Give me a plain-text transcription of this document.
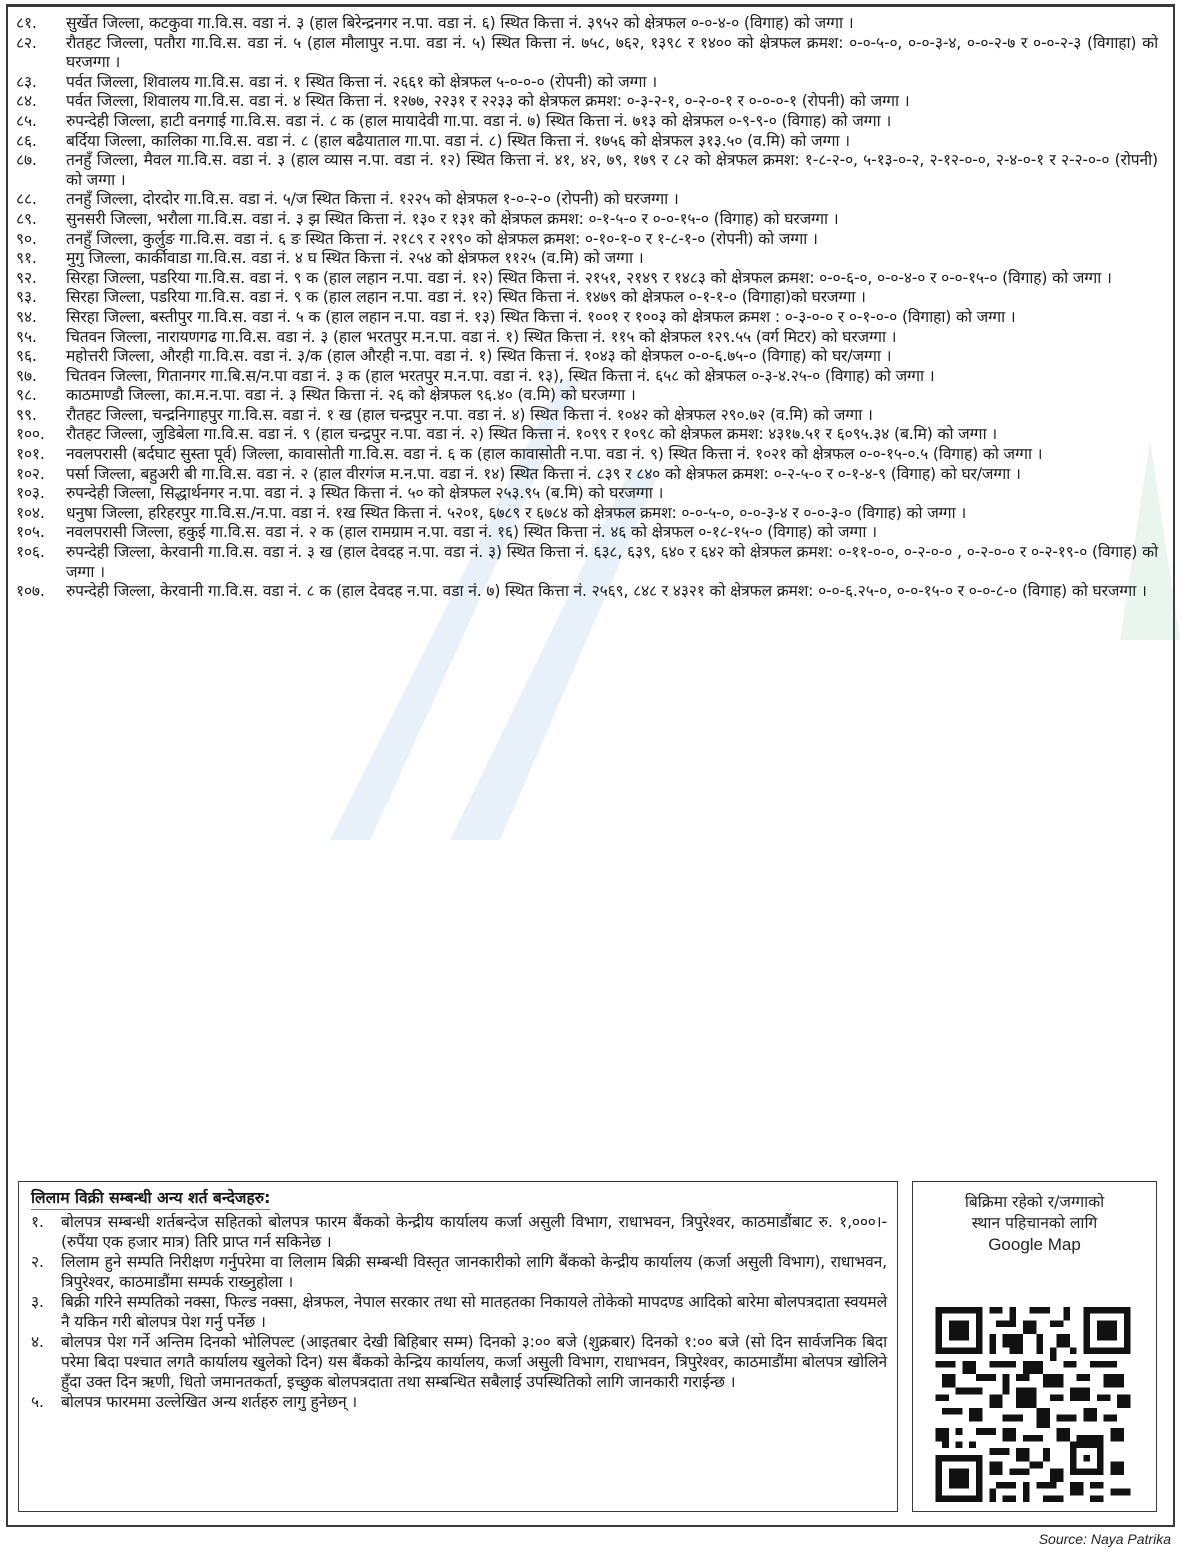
८१.	सुर्खेत जिल्ला, कटकुवा गा.वि.स. वडा नं. ३ (हाल बिरेन्द्रनगर न.पा. वडा नं. ६) स्थित कित्ता नं. ३९५२ को क्षेत्रफल ०-०-४-० (विगाह) को जग्गा ।
८२.	रौतहट जिल्ला, पतौरा गा.वि.स. वडा नं. ५ (हाल मौलापुर न.पा. वडा नं. ५) स्थित कित्ता नं. ७५८, ७६२, १३९८ र १४०० को क्षेत्रफल क्रमश: ०-०-५-०, ०-०-३-४, ०-०-२-७ र ०-०-२-३ (विगाहा) को घरजग्गा ।
८३.	पर्वत जिल्ला, शिवालय गा.वि.स. वडा नं. १ स्थित कित्ता नं. २६६१ को क्षेत्रफल ५-०-०-० (रोपनी) को जग्गा ।
८४.	पर्वत जिल्ला, शिवालय गा.वि.स. वडा नं. ४ स्थित कित्ता नं. १२७७, २२३१ र २२३३ को क्षेत्रफल क्रमश: ०-३-२-१, ०-२-०-१ र ०-०-०-१ (रोपनी) को जग्गा ।
८५.	रुपन्देही जिल्ला, हाटी वनगाई गा.वि.स. वडा नं. ८ क (हाल मायादेवी गा.पा. वडा नं. ७) स्थित कित्ता नं. ७१३ को क्षेत्रफल ०-९-९-० (विगाह) को जग्गा ।
८६.	बर्दिया जिल्ला, कालिका गा.वि.स. वडा नं. ८ (हाल बढैयाताल गा.पा. वडा नं. ८) स्थित कित्ता नं. १७५६ को क्षेत्रफल ३१३.५० (व.मि) को जग्गा ।
८७.	तनहुँ जिल्ला, मैवल गा.वि.स. वडा नं. ३ (हाल व्यास न.पा. वडा नं. १२) स्थित कित्ता नं. ४१, ४२, ७९, १७९ र ८२ को क्षेत्रफल क्रमश: १-८-२-०, ५-१३-०-२, २-१२-०-०, २-४-०-१ र २-२-०-० (रोपनी) को जग्गा ।
८८.	तनहुँ जिल्ला, दोरदोर गा.वि.स. वडा नं. ५/ज स्थित कित्ता नं. १२२५ को क्षेत्रफल १-०-२-० (रोपनी) को घरजग्गा ।
८९.	सुनसरी जिल्ला, भरौला गा.वि.स. वडा नं. ३ झ स्थित कित्ता नं. १३० र १३१ को क्षेत्रफल क्रमश: ०-१-५-० र ०-०-१५-० (विगाह) को घरजग्गा ।
९०.	तनहुँ जिल्ला, कुर्लुङ गा.वि.स. वडा नं. ६ ङ स्थित कित्ता नं. २१८९ र २१९० को क्षेत्रफल क्रमश: ०-१०-१-० र १-८-१-० (रोपनी) को जग्गा ।
९१.	मुगु जिल्ला, कार्कीवाडा गा.वि.स. वडा नं. ४ घ स्थित कित्ता नं. २५४ को क्षेत्रफल ११२५ (व.मि) को जग्गा ।
९२.	सिरहा जिल्ला, पडरिया गा.वि.स. वडा नं. ९ क (हाल लहान न.पा. वडा नं. १२) स्थित कित्ता नं. २१५१, २१४९ र १४८३ को क्षेत्रफल क्रमश: ०-०-६-०, ०-०-४-० र ०-०-१५-० (विगाह) को जग्गा ।
९३.	सिरहा जिल्ला, पडरिया गा.वि.स. वडा नं. ९ क (हाल लहान न.पा. वडा नं. १२) स्थित कित्ता नं. १४७९ को क्षेत्रफल ०-१-१-० (विगाहा)को घरजग्गा ।
९४.	सिरहा जिल्ला, बस्तीपुर गा.वि.स. वडा नं. ५ क (हाल लहान न.पा. वडा नं. १३) स्थित कित्ता नं. १००१ र १००३ को क्षेत्रफल क्रमश : ०-३-०-० र ०-१-०-० (विगाहा) को जग्गा ।
९५.	चितवन जिल्ला, नारायणगढ गा.वि.स. वडा नं. ३ (हाल भरतपुर म.न.पा. वडा नं. १) स्थित कित्ता नं. ११५ को क्षेत्रफल १२९.५५ (वर्ग मिटर) को घरजग्गा ।
९६.	महोत्तरी जिल्ला, औरही गा.वि.स. वडा नं. ३/क (हाल औरही न.पा. वडा नं. १) स्थित कित्ता नं. १०४३ को क्षेत्रफल ०-०-६.७५-० (विगाह) को घर/जग्गा ।
९७.	चितवन जिल्ला, गितानगर गा.बि.स/न.पा वडा नं. ३ क (हाल भरतपुर म.न.पा. वडा नं. १३), स्थित कित्ता नं. ६५८ को क्षेत्रफल ०-३-४.२५-० (विगाह) को जग्गा ।
९८.	काठमाण्डौ जिल्ला, का.म.न.पा. वडा नं. ३ स्थित कित्ता नं. २६ को क्षेत्रफल ९६.४० (व.मि) को घरजग्गा ।
९९.	रौतहट जिल्ला, चन्द्रनिगाहपुर गा.वि.स. वडा नं. १ ख (हाल चन्द्रपुर न.पा. वडा नं. ४) स्थित कित्ता नं. १०४२ को क्षेत्रफल २९०.७२ (व.मि) को जग्गा ।
१००.	रौतहट जिल्ला, जुडिबेला गा.वि.स. वडा नं. ९ (हाल चन्द्रपुर न.पा. वडा नं. २) स्थित कित्ता नं. १०९९ र १०९८ को क्षेत्रफल क्रमश: ४३१७.५१ र ६०९५.३४ (ब.मि) को जग्गा ।
१०१.	नवलपरासी (बर्दघाट सुस्ता पूर्व) जिल्ला, कावासोती गा.वि.स. वडा नं. ६ क (हाल कावासोती न.पा. वडा नं. ९) स्थित कित्ता नं. १०२१ को क्षेत्रफल ०-०-१५-०.५ (विगाह) को जग्गा ।
१०२.	पर्सा जिल्ला, बहुअरी बी गा.वि.स. वडा नं. २ (हाल वीरगंज म.न.पा. वडा नं. १४) स्थित कित्ता नं. ८३९ र ८४० को क्षेत्रफल क्रमश: ०-२-५-० र ०-१-४-९ (विगाह) को घर/जग्गा ।
१०३.	रुपन्देही जिल्ला, सिद्धार्थनगर न.पा. वडा नं. ३ स्थित कित्ता नं. ५० को क्षेत्रफल २५३.९५ (ब.मि) को घरजग्गा ।
१०४.	धनुषा जिल्ला, हरिहरपुर गा.वि.स./न.पा. वडा नं. १ख स्थित कित्ता नं. ५२०१, ६७८९ र ६७८४ को क्षेत्रफल क्रमश: ०-०-५-०, ०-०-३-४ र ०-०-३-० (विगाह) को जग्गा ।
१०५.	नवलपरासी जिल्ला, हकुई गा.वि.स. वडा नं. २ क (हाल रामग्राम न.पा. वडा नं. १६) स्थित कित्ता नं. ४६ को क्षेत्रफल ०-१८-१५-० (विगाह) को जग्गा ।
१०६.	रुपन्देही जिल्ला, केरवानी गा.वि.स. वडा नं. ३ ख (हाल देवदह न.पा. वडा नं. ३) स्थित कित्ता नं. ६३८, ६३९, ६४० र ६४२ को क्षेत्रफल क्रमश: ०-११-०-०, ०-२-०-० , ०-२-०-० र ०-२-१९-० (विगाह) को जग्गा ।
१०७.	रुपन्देही जिल्ला, केरवानी गा.वि.स. वडा नं. ८ क (हाल देवदह न.पा. वडा नं. ७) स्थित कित्ता नं. २५६९, ८४८ र ४३२१ को क्षेत्रफल क्रमश: ०-०-६.२५-०, ०-०-१५-० र ०-०-८-० (विगाह) को घरजग्गा ।
लिलाम विक्री सम्बन्धी अन्य शर्त बन्देजहरु:
१.	बोलपत्र सम्बन्धी शर्तबन्देज सहितको बोलपत्र फारम बैंकको केन्द्रीय कार्यालय कर्जा असुली विभाग, राधाभवन, त्रिपुरेश्वर, काठमाडौंबाट रु. १,०००।- (रुपैंया एक हजार मात्र) तिरि प्राप्त गर्न सकिनेछ ।
२.	लिलाम हुने सम्पति निरीक्षण गर्नुपरेमा वा लिलाम बिक्री सम्बन्धी विस्तृत जानकारीको लागि बैंकको केन्द्रीय कार्यालय (कर्जा असुली विभाग), राधाभवन, त्रिपुरेश्वर, काठमाडौंमा सम्पर्क राख्नुहोला ।
३.	बिक्री गरिने सम्पतिको नक्सा, फिल्ड नक्सा, क्षेत्रफल, नेपाल सरकार तथा सो मातहतका निकायले तोकेको मापदण्ड आदिको बारेमा बोलपत्रदाता स्वयमले नै यकिन गरी बोलपत्र पेश गर्नु पर्नेछ ।
४.	बोलपत्र पेश गर्ने अन्तिम दिनको भोलिपल्ट (आइतबार देखी बिहिबार सम्म) दिनको ३:०० बजे (शुक्रबार) दिनको १:०० बजे (सो दिन सार्वजनिक बिदा परेमा बिदा पश्चात लगतै कार्यालय खुलेको दिन) यस बैंकको केन्द्रिय कार्यालय, कर्जा असुली विभाग, राधाभवन, त्रिपुरेश्वर, काठमाडौंमा बोलपत्र खोलिने हुँदा उक्त दिन ऋणी, धितो जमानतकर्ता, इच्छुक बोलपत्रदाता तथा सम्बन्धित सबैलाई उपस्थितिको लागि जानकारी गराईन्छ ।
५.	बोलपत्र फारममा उल्लेखित अन्य शर्तहरु लागु हुनेछन् ।
बिक्रिमा रहेको र/जग्गाको
स्थान पहिचानको लागि
Google Map
Source: Naya Patrika
